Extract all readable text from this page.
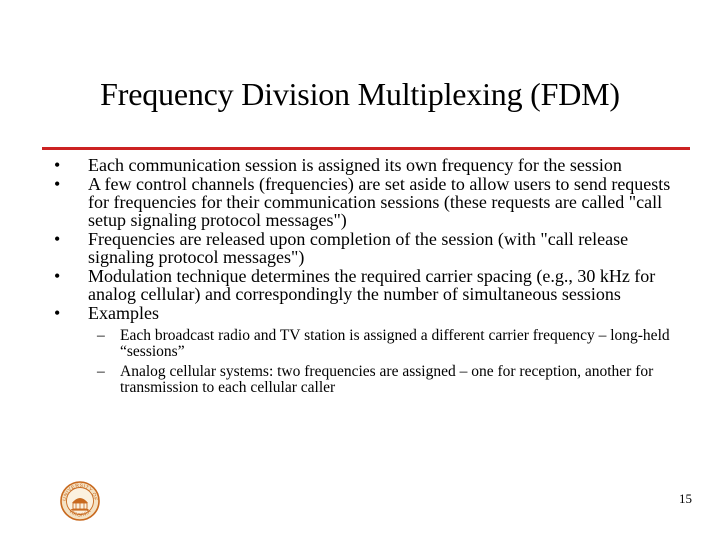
Frequency Division Multiplexing (FDM)
• Each communication session is assigned its own frequency for the session
• A few control channels (frequencies) are set aside to allow users to send requests for frequencies for their communication sessions (these requests are called "call setup signaling protocol messages")
• Frequencies are released upon completion of the session (with "call release signaling protocol messages")
• Modulation technique determines the required carrier spacing (e.g., 30 kHz for analog cellular) and correspondingly the number of simultaneous sessions
• Examples
– Each broadcast radio and TV station is assigned a different carrier frequency – long-held “sessions”
– Analog cellular systems: two frequencies are assigned – one for reception, another for transmission to each cellular caller
UNIVERSITY OF
VIRGINIA
15
